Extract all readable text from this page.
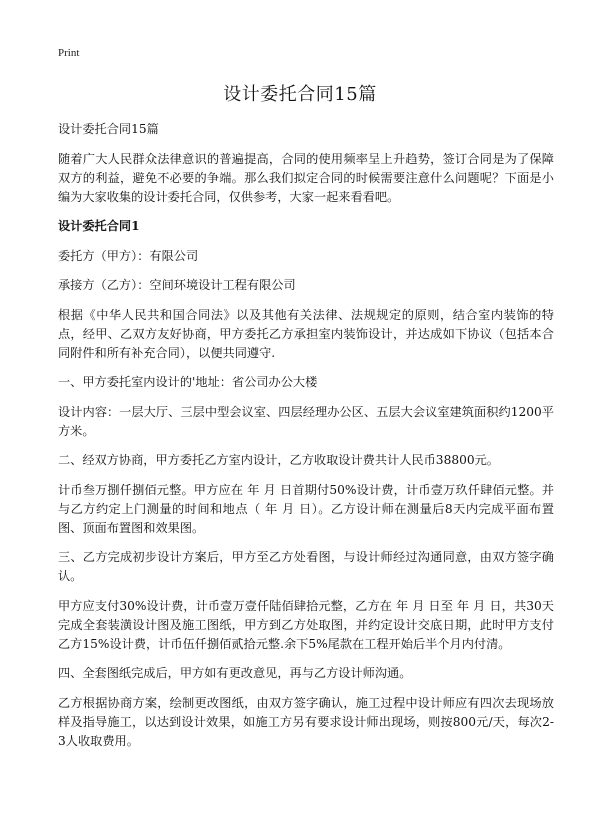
Print
设计委托合同15篇

设计委托合同15篇

随着广大人民群众法律意识的普遍提高，合同的使用频率呈上升趋势，签订合同是为了保障双方的利益，避免不必要的争端。那么我们拟定合同的时候需要注意什么问题呢？下面是小编为大家收集的设计委托合同，仅供参考，大家一起来看看吧。

设计委托合同1

委托方（甲方）：有限公司

承接方（乙方）：空间环境设计工程有限公司

根据《中华人民共和国合同法》以及其他有关法律、法规规定的原则，结合室内装饰的特点，经甲、乙双方友好协商，甲方委托乙方承担室内装饰设计，并达成如下协议（包括本合同附件和所有补充合同），以便共同遵守.

一、甲方委托室内设计的'地址：省公司办公大楼

设计内容：一层大厅、三层中型会议室、四层经理办公区、五层大会议室建筑面积约1200平方米。

二、经双方协商，甲方委托乙方室内设计，乙方收取设计费共计人民币38800元。

计币叁万捌仟捌佰元整。甲方应在 年 月 日首期付50%设计费，计币壹万玖仟肆佰元整。并与乙方约定上门测量的时间和地点（ 年 月 日）。乙方设计师在测量后8天内完成平面布置图、顶面布置图和效果图。

三、乙方完成初步设计方案后，甲方至乙方处看图，与设计师经过沟通同意，由双方签字确认。

甲方应支付30%设计费，计币壹万壹仟陆佰肆拾元整，乙方在 年 月 日至 年 月 日，共30天完成全套装潢设计图及施工图纸，甲方到乙方处取图，并约定设计交底日期，此时甲方支付乙方15%设计费，计币伍仟捌佰贰拾元整.余下5%尾款在工程开始后半个月内付清。

四、全套图纸完成后，甲方如有更改意见，再与乙方设计师沟通。

乙方根据协商方案，绘制更改图纸，由双方签字确认，施工过程中设计师应有四次去现场放样及指导施工，以达到设计效果，如施工方另有要求设计师出现场，则按800元/天，每次2-3人收取费用。
